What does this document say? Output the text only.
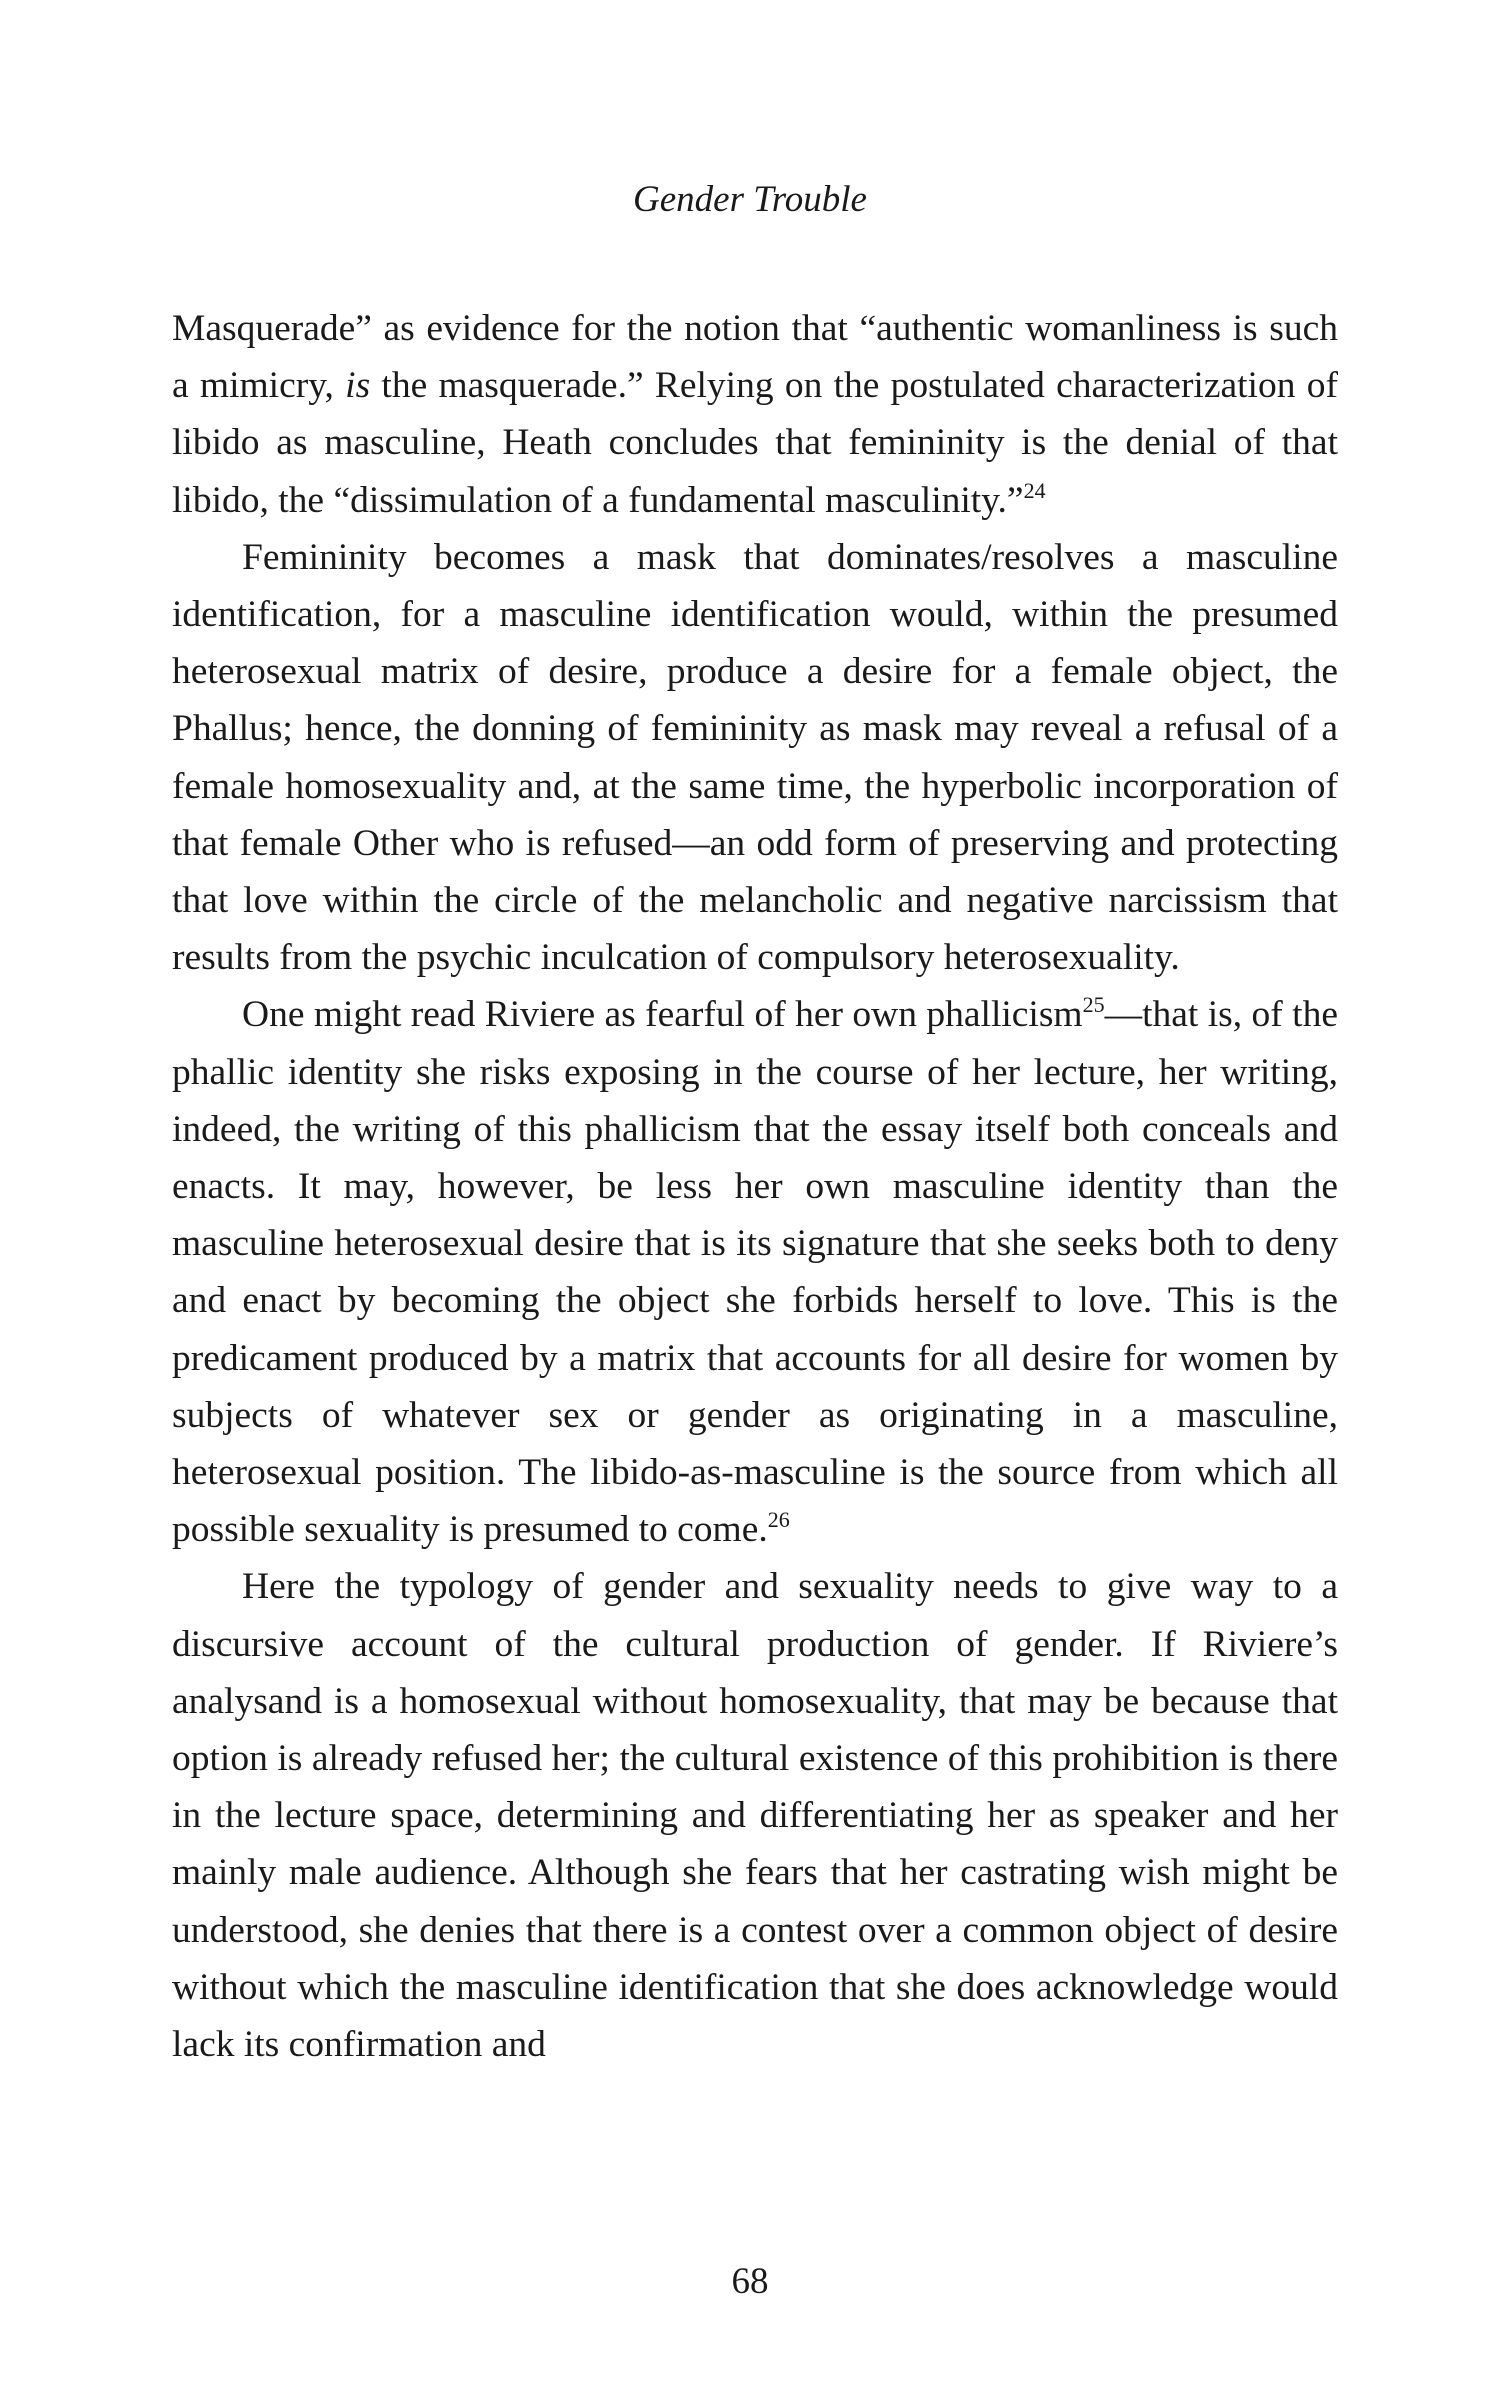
Gender Trouble

Masquerade” as evidence for the notion that “authentic womanliness is such a mimicry, is the masquerade.” Relying on the postulated characterization of libido as masculine, Heath concludes that femininity is the denial of that libido, the “dissimulation of a fundamental masculinity.”$^{24}$

Femininity becomes a mask that dominates/resolves a masculine identification, for a masculine identification would, within the presumed heterosexual matrix of desire, produce a desire for a female object, the Phallus; hence, the donning of femininity as mask may reveal a refusal of a female homosexuality and, at the same time, the hyperbolic incorporation of that female Other who is refused—an odd form of preserving and protecting that love within the circle of the melancholic and negative narcissism that results from the psychic inculcation of compulsory heterosexuality.

One might read Riviere as fearful of her own phallicism$^{25}$—that is, of the phallic identity she risks exposing in the course of her lecture, her writing, indeed, the writing of this phallicism that the essay itself both conceals and enacts. It may, however, be less her own masculine identity than the masculine heterosexual desire that is its signature that she seeks both to deny and enact by becoming the object she forbids herself to love. This is the predicament produced by a matrix that accounts for all desire for women by subjects of whatever sex or gender as originating in a masculine, heterosexual position. The libido-as-masculine is the source from which all possible sexuality is presumed to come.$^{26}$

Here the typology of gender and sexuality needs to give way to a discursive account of the cultural production of gender. If Riviere’s analysand is a homosexual without homosexuality, that may be because that option is already refused her; the cultural existence of this prohibition is there in the lecture space, determining and differentiating her as speaker and her mainly male audience. Although she fears that her castrating wish might be understood, she denies that there is a contest over a common object of desire without which the masculine identification that she does acknowledge would lack its confirmation and

68
